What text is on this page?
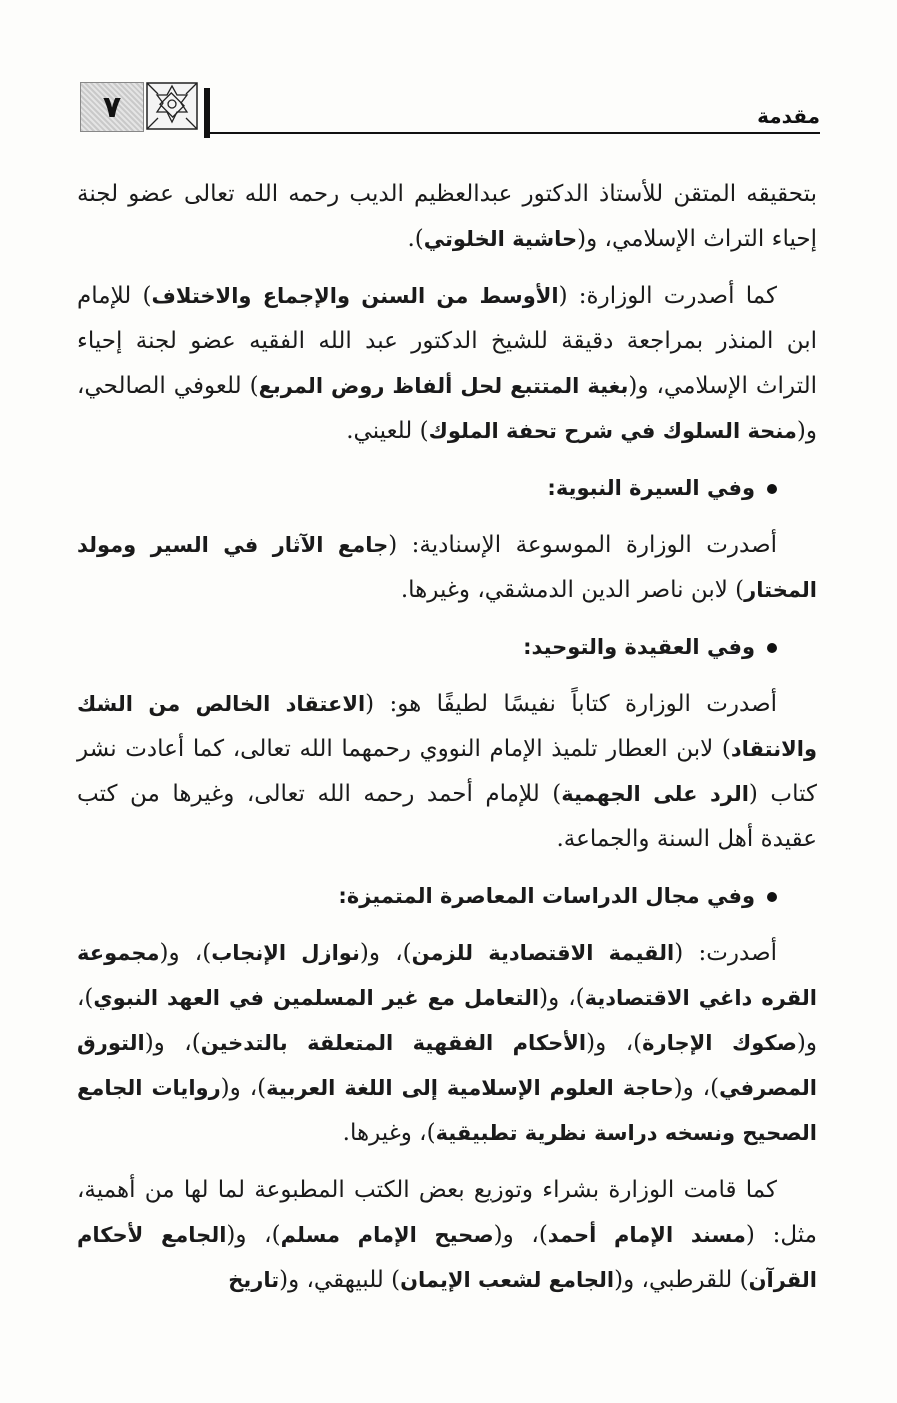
٧	مقدمة

بتحقيقه المتقن للأستاذ الدكتور عبدالعظيم الديب رحمه الله تعالى عضو لجنة إحياء التراث الإسلامي، و(حاشية الخلوتي).

كما أصدرت الوزارة: (الأوسط من السنن والإجماع والاختلاف) للإمام ابن المنذر بمراجعة دقيقة للشيخ الدكتور عبد الله الفقيه عضو لجنة إحياء التراث الإسلامي، و(بغية المتتبع لحل ألفاظ روض المربع) للعوفي الصالحي، و(منحة السلوك في شرح تحفة الملوك) للعيني.

وفي السيرة النبوية:

أصدرت الوزارة الموسوعة الإسنادية: (جامع الآثار في السير ومولد المختار) لابن ناصر الدين الدمشقي، وغيرها.

وفي العقيدة والتوحيد:

أصدرت الوزارة كتاباً نفيسًا لطيفًا هو: (الاعتقاد الخالص من الشك والانتقاد) لابن العطار تلميذ الإمام النووي رحمهما الله تعالى، كما أعادت نشر كتاب (الرد على الجهمية) للإمام أحمد رحمه الله تعالى، وغيرها من كتب عقيدة أهل السنة والجماعة.

وفي مجال الدراسات المعاصرة المتميزة:

أصدرت: (القيمة الاقتصادية للزمن)، و(نوازل الإنجاب)، و(مجموعة القره داغي الاقتصادية)، و(التعامل مع غير المسلمين في العهد النبوي)، و(صكوك الإجارة)، و(الأحكام الفقهية المتعلقة بالتدخين)، و(التورق المصرفي)، و(حاجة العلوم الإسلامية إلى اللغة العربية)، و(روايات الجامع الصحيح ونسخه دراسة نظرية تطبيقية)، وغيرها.

كما قامت الوزارة بشراء وتوزيع بعض الكتب المطبوعة لما لها من أهمية، مثل: (مسند الإمام أحمد)، و(صحيح الإمام مسلم)، و(الجامع لأحكام القرآن) للقرطبي، و(الجامع لشعب الإيمان) للبيهقي، و(تاريخ
